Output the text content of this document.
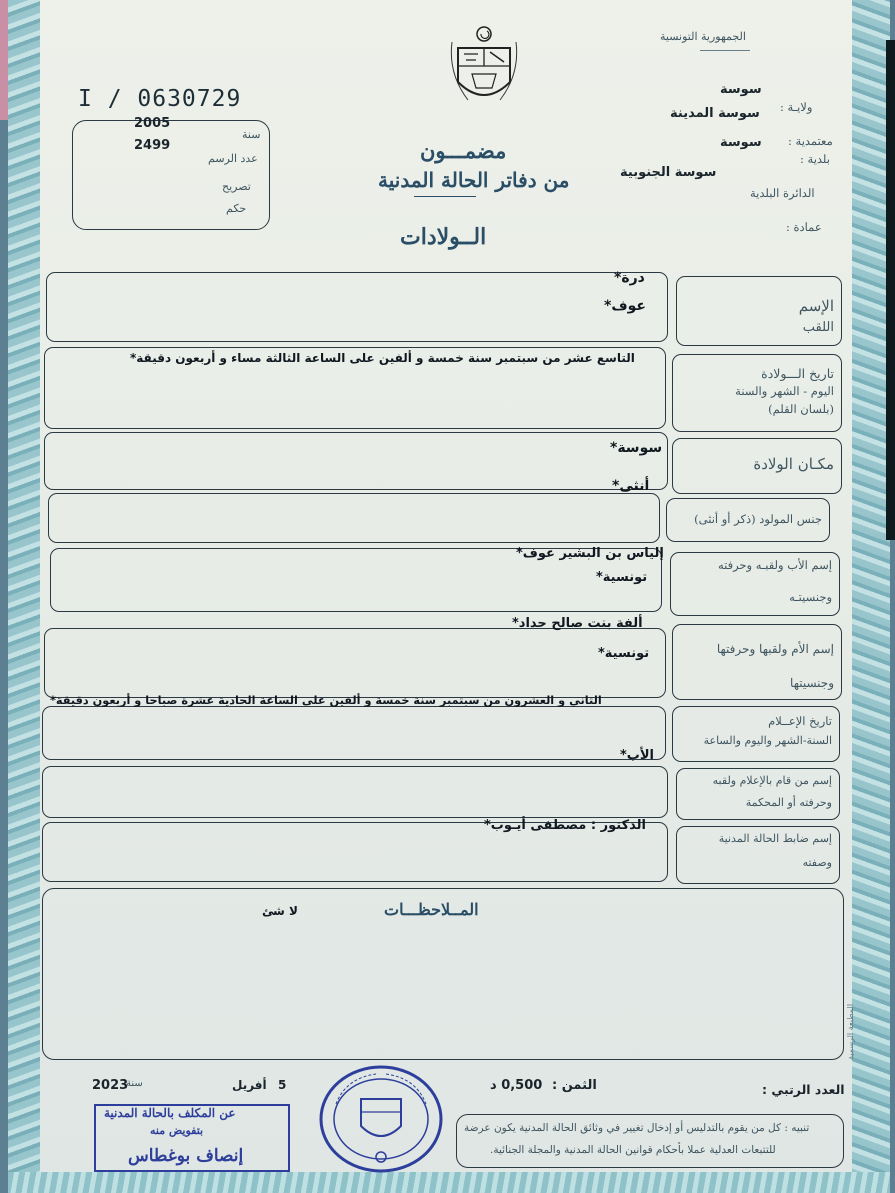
الجمهورية التونسية
سوسة
ولايـة :
سوسة المدينة
معتمدية :
سوسة
بلدية :
سوسة الجنوبية
الدائرة البلدية
عمادة :
I / 0630729
2005
سنة
2499
عدد الرسم
تصريح
حكم
مضمـــون
من دفاتر الحالة المدنية
الــولادات
الإسم
اللقب
درة*
عوف*
تاريخ الـــولادة
اليوم - الشهر والسنة
(بلسان القلم)
التاسع عشر من سبتمبر سنة خمسة و ألفين على الساعة الثالثة مساء و أربعون دقيقة*
مكـان الولادة
سوسة*
جنس المولود (ذكر أو أنثى)
أنثى*
إسم الأب ولقبـه وحرفته
وجنسيتـه
إلياس بن البشير عوف*
تونسية*
إسم الأم ولقبها وحرفتها
وجنسيتها
ألفة بنت صالح حداد*
تونسية*
تاريخ الإعــلام
السنة-الشهر واليوم والساعة
الثاني و العشرون من سبتمبر سنة خمسة و ألفين على الساعة الحادية عشرة صباحا و أربعون دقيقة*
إسم من قام بالإعلام ولقبه
وحرفته أو المحكمة
الأب*
إسم ضابط الحالة المدنية
وصفته
الدكتور : مصطفى أيـوب*
المــلاحظـــات
لا شئ
المطبعة الرسمية
العدد الرتبي :
الثمن :
0,500 د
5
أفريل
2023
سنة
تنبيه : كل من يقوم بالتدليس أو إدخال تغيير في وثائق الحالة المدنية يكون عرضة
للتتبعات العدلية عملا بأحكام قوانين الحالة المدنية والمجلة الجنائية.
عن المكلف بالحالة المدنية
بتفويض منه
إنصاف بوغطاس
